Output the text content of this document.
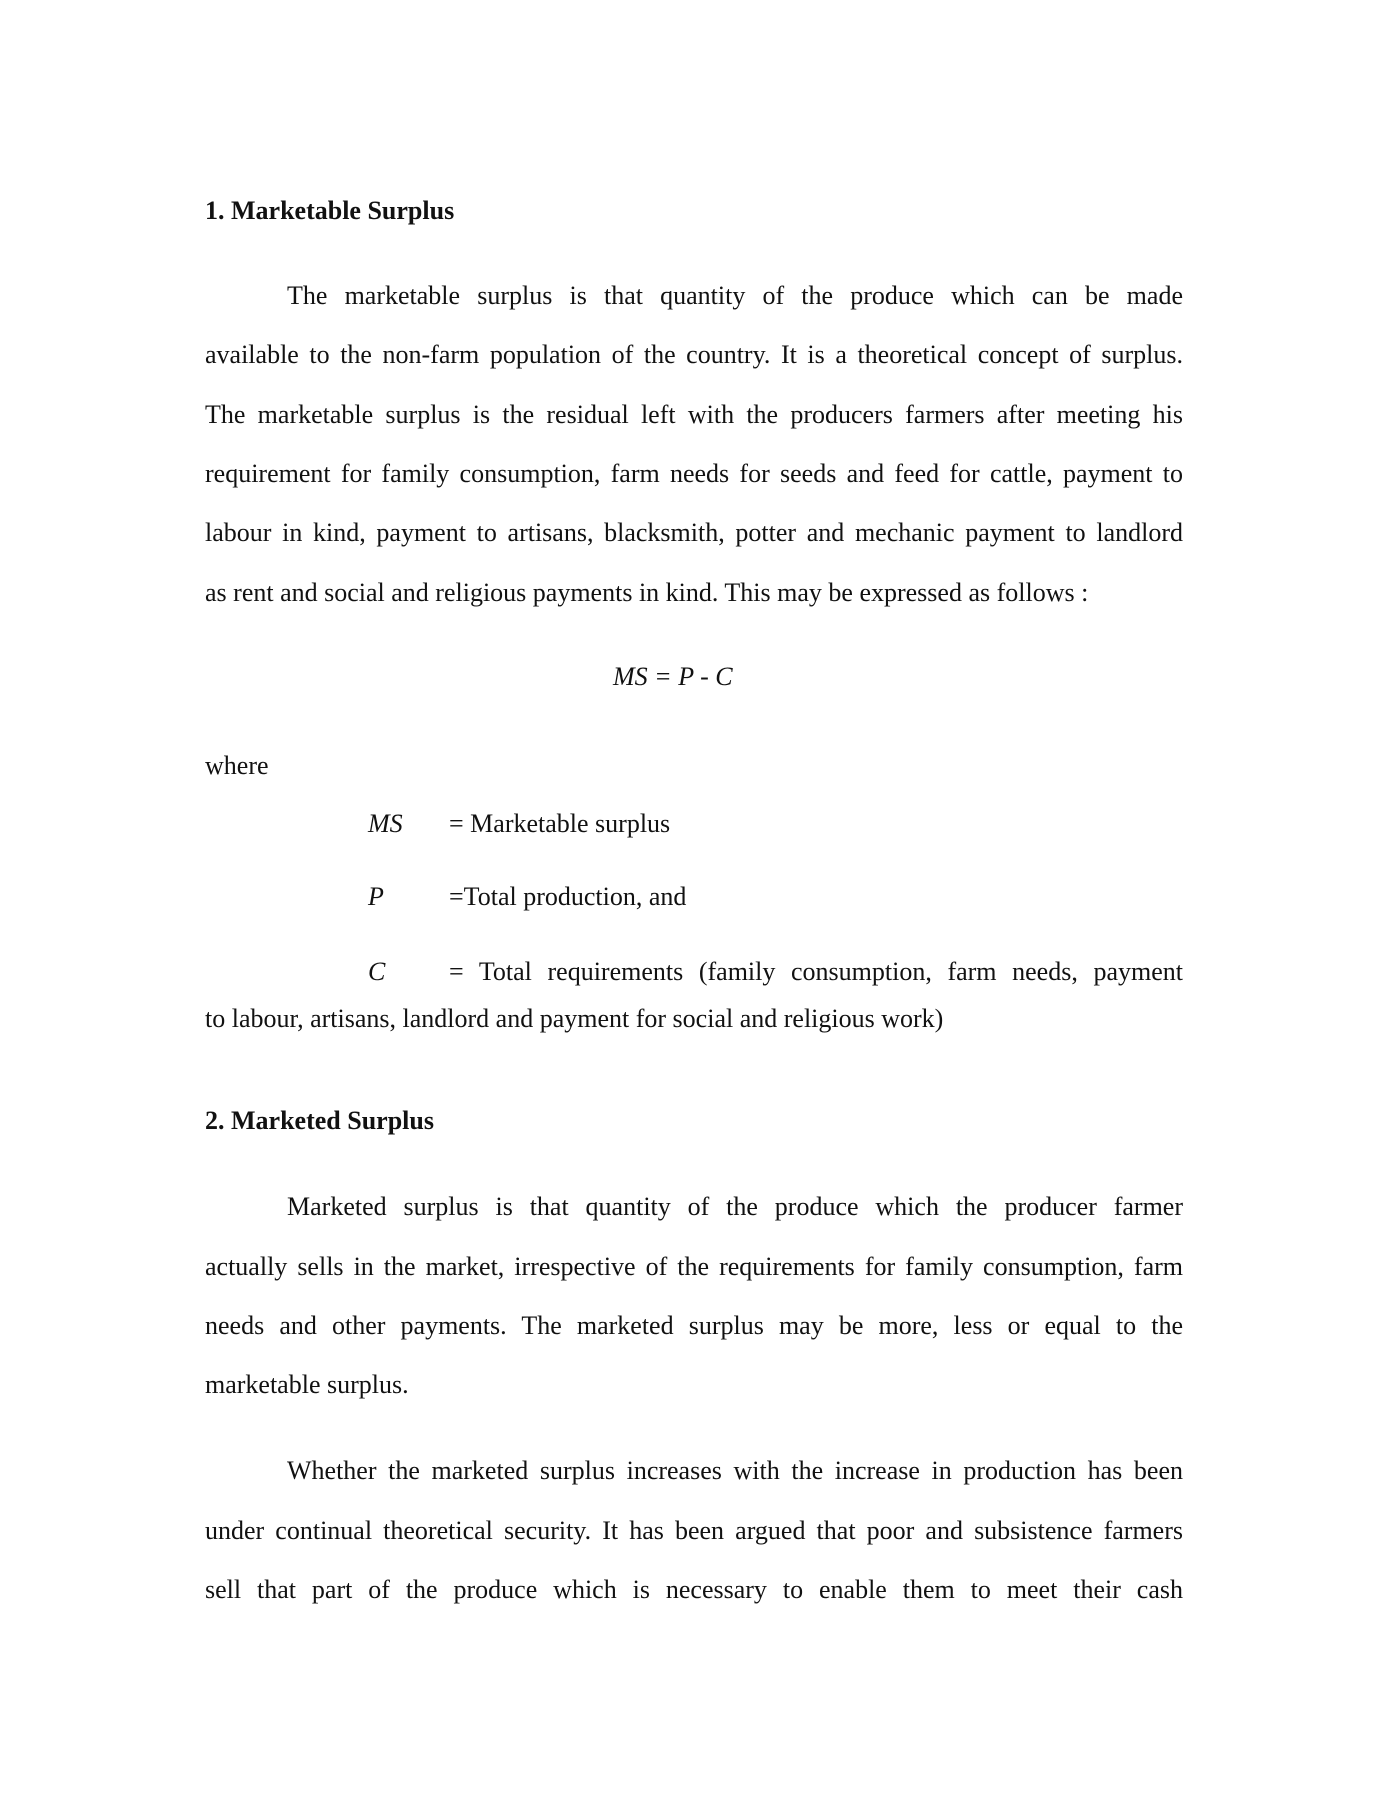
1. Marketable Surplus
The marketable surplus is that quantity of the produce which can be made
available to the non-farm population of the country. It is a theoretical concept of surplus.
The marketable surplus is the residual left with the producers farmers after meeting his
requirement for family consumption, farm needs for seeds and feed for cattle, payment to
labour in kind, payment to artisans, blacksmith, potter and mechanic payment to landlord
as rent and social and religious payments in kind. This may be expressed as follows :
MS = P - C
where
MS = Marketable surplus
P	=Total production, and
C = Total requirements (family consumption, farm needs, payment
to labour, artisans, landlord and payment for social and religious work)
2. Marketed Surplus
Marketed surplus is that quantity of the produce which the producer farmer
actually sells in the market, irrespective of the requirements for family consumption, farm
needs and other payments. The marketed surplus may be more, less or equal to the
marketable surplus.
Whether the marketed surplus increases with the increase in production has been
under continual theoretical security. It has been argued that poor and subsistence farmers
sell that part of the produce which is necessary to enable them to meet their cash
